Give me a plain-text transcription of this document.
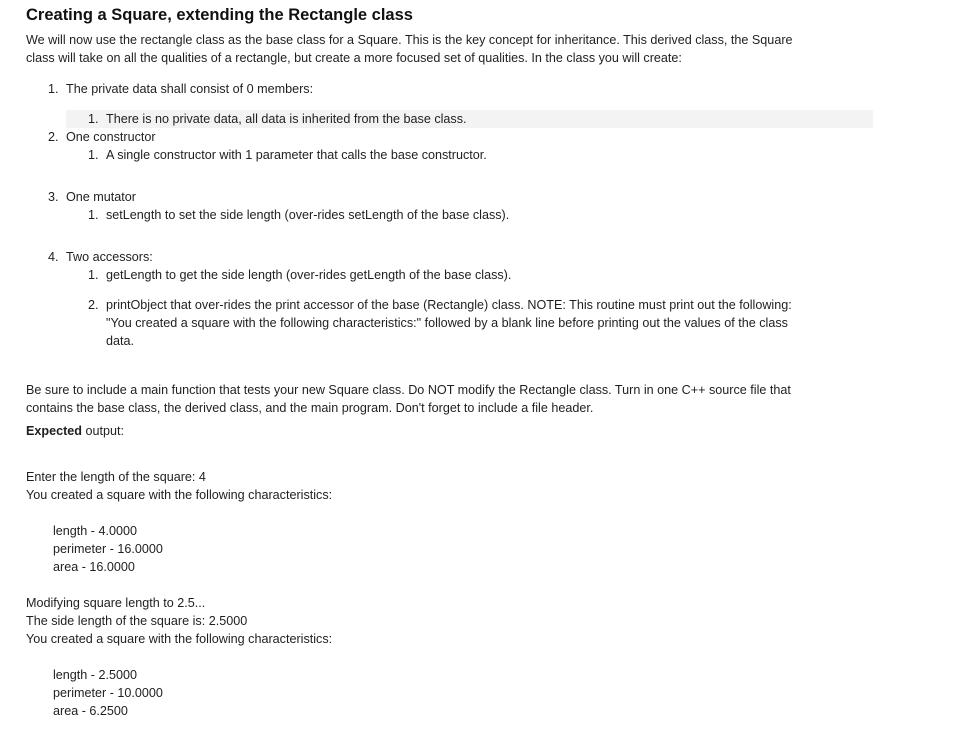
Creating a Square, extending the Rectangle class
We will now use the rectangle class as the base class for a Square. This is the key concept for inheritance. This derived class, the Square
class will take on all the qualities of a rectangle, but create a more focused set of qualities. In the class you will create:
1. The private data shall consist of 0 members:
1. There is no private data, all data is inherited from the base class.
2. One constructor
1. A single constructor with 1 parameter that calls the base constructor.
3. One mutator
1. setLength to set the side length (over-rides setLength of the base class).
4. Two accessors:
1. getLength to get the side length (over-rides getLength of the base class).
2. printObject that over-rides the print accessor of the base (Rectangle) class. NOTE: This routine must print out the following:
"You created a square with the following characteristics:" followed by a blank line before printing out the values of the class
data.
Be sure to include a main function that tests your new Square class. Do NOT modify the Rectangle class. Turn in one C++ source file that
contains the base class, the derived class, and the main program. Don't forget to include a file header.
Expected output:
Enter the length of the square: 4
You created a square with the following characteristics:
length - 4.0000
perimeter - 16.0000
area - 16.0000
Modifying square length to 2.5...
The side length of the square is: 2.5000
You created a square with the following characteristics:
length - 2.5000
perimeter - 10.0000
area - 6.2500
